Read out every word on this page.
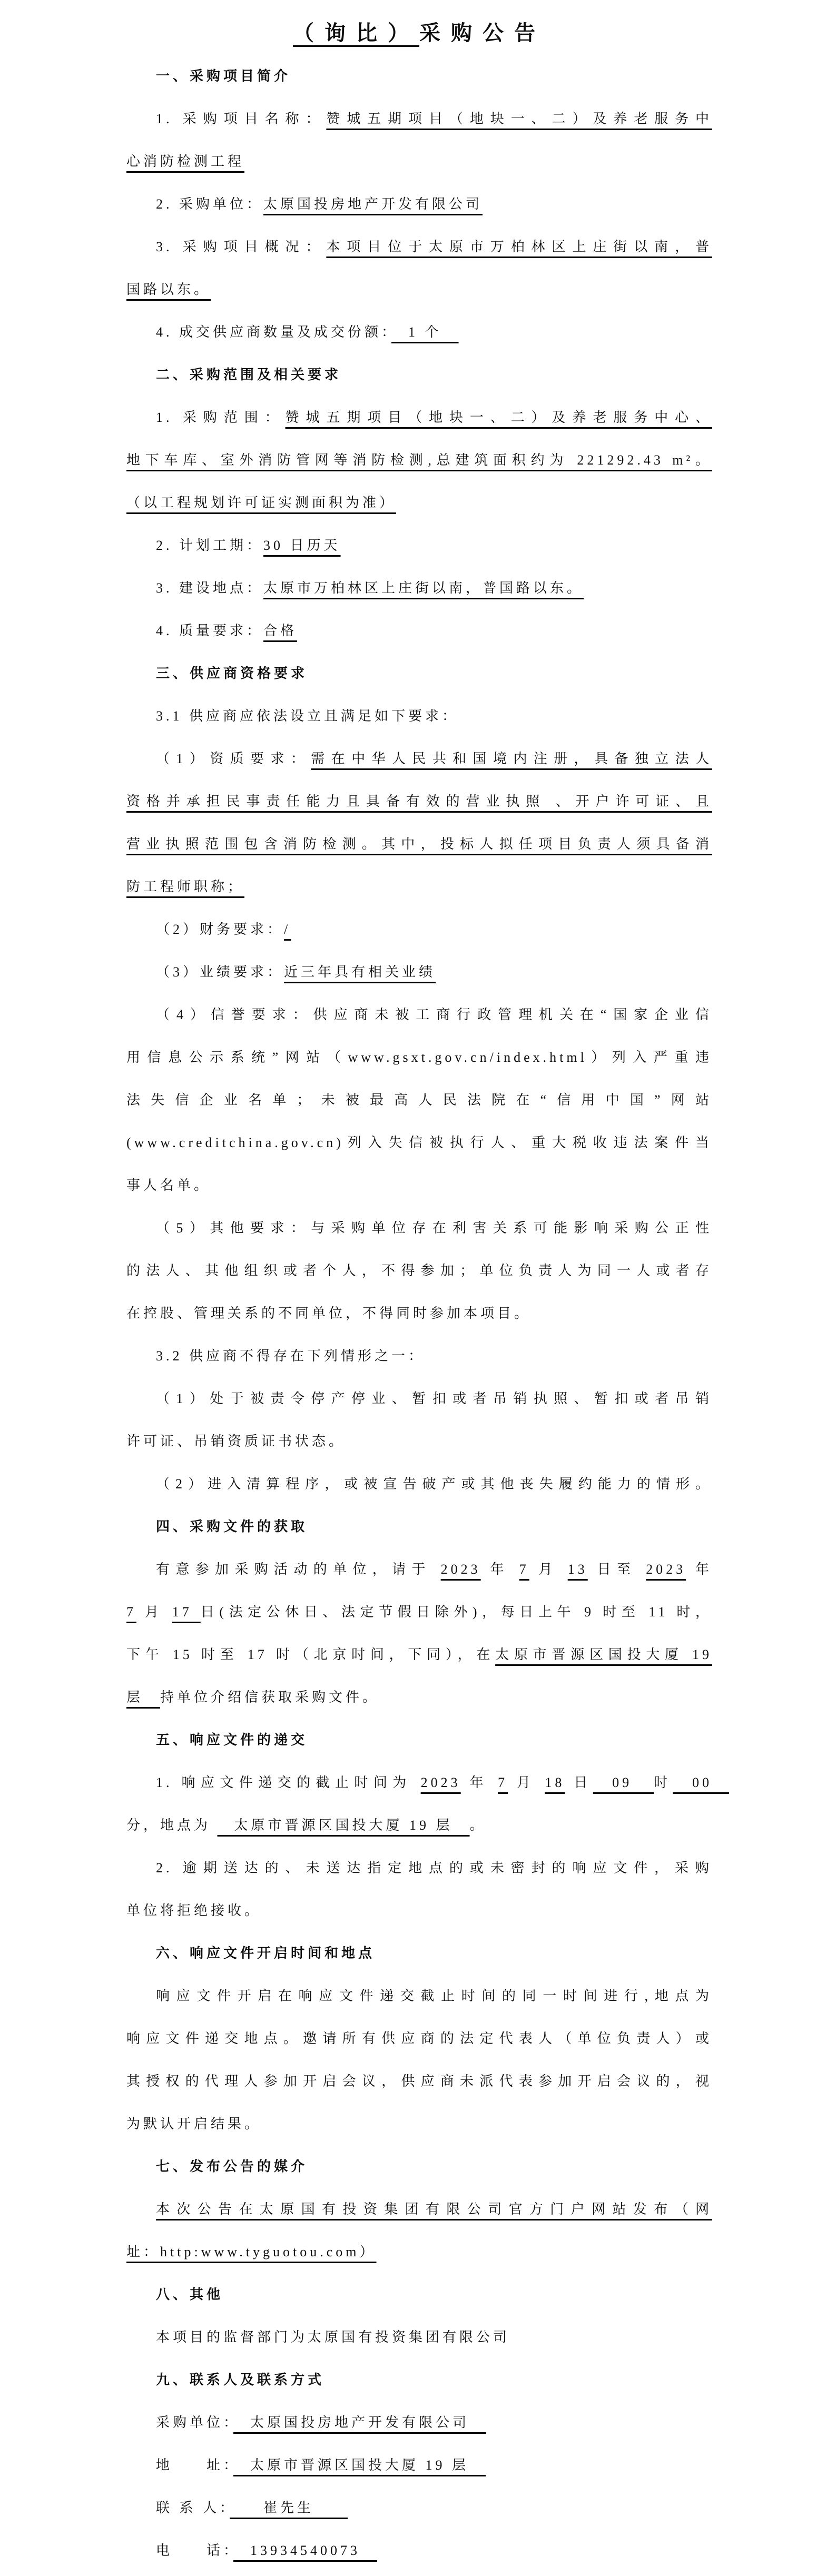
（询比）采购公告
一、采购项目简介
1. 采购项目名称：赞城五期项目（地块一、二）及养老服务中
心消防检测工程
2. 采购单位：太原国投房地产开发有限公司
3. 采购项目概况：本项目位于太原市万柏林区上庄街以南，普
国路以东。
4. 成交供应商数量及成交份额：　1 个　
二、采购范围及相关要求
1. 采购范围：赞城五期项目（地块一、二）及养老服务中心、
地下车库、室外消防管网等消防检测,总建筑面积约为 221292.43 m²。
（以工程规划许可证实测面积为准）
2. 计划工期：30 日历天
3. 建设地点：太原市万柏林区上庄街以南，普国路以东。
4. 质量要求：合格
三、供应商资格要求
3.1 供应商应依法设立且满足如下要求：
（1）资质要求：需在中华人民共和国境内注册，具备独立法人
资格并承担民事责任能力且具备有效的营业执照 、开户许可证、且
营业执照范围包含消防检测。其中，投标人拟任项目负责人须具备消
防工程师职称；
（2）财务要求：/
（3）业绩要求：近三年具有相关业绩
（4）信誉要求：供应商未被工商行政管理机关在“国家企业信
用信息公示系统”网站（www.gsxt.gov.cn/index.html）列入严重违
法失信企业名单；未被最高人民法院在“信用中国”网站
(www.creditchina.gov.cn)列入失信被执行人、重大税收违法案件当
事人名单。
（5）其他要求：与采购单位存在利害关系可能影响采购公正性
的法人、其他组织或者个人，不得参加；单位负责人为同一人或者存
在控股、管理关系的不同单位，不得同时参加本项目。
3.2 供应商不得存在下列情形之一：
（1）处于被责令停产停业、暂扣或者吊销执照、暂扣或者吊销
许可证、吊销资质证书状态。
（2）进入清算程序，或被宣告破产或其他丧失履约能力的情形。
四、采购文件的获取
有意参加采购活动的单位，请于 2023 年 7 月 13 日至 2023 年
7 月 17 日(法定公休日、法定节假日除外)，每日上午 9 时至 11 时，
下午 15 时至 17 时（北京时间，下同），在太原市晋源区国投大厦 19
层　持单位介绍信获取采购文件。
五、响应文件的递交
1. 响应文件递交的截止时间为 2023 年 7 月 18 日　09　时　00　
分，地点为 　太原市晋源区国投大厦 19 层　。
2. 逾期送达的、未送达指定地点的或未密封的响应文件，采购
单位将拒绝接收。
六、响应文件开启时间和地点
响应文件开启在响应文件递交截止时间的同一时间进行,地点为
响应文件递交地点。邀请所有供应商的法定代表人（单位负责人）或
其授权的代理人参加开启会议，供应商未派代表参加开启会议的，视
为默认开启结果。
七、发布公告的媒介
本次公告在太原国有投资集团有限公司官方门户网站发布（网
址：http:www.tyguotou.com）
八、其他
本项目的监督部门为太原国有投资集团有限公司
九、联系人及联系方式
采购单位：　太原国投房地产开发有限公司　
地　　址：　太原市晋源区国投大厦 19 层　
联 系 人：　　崔先生　　
电　　话：　13934540073　
